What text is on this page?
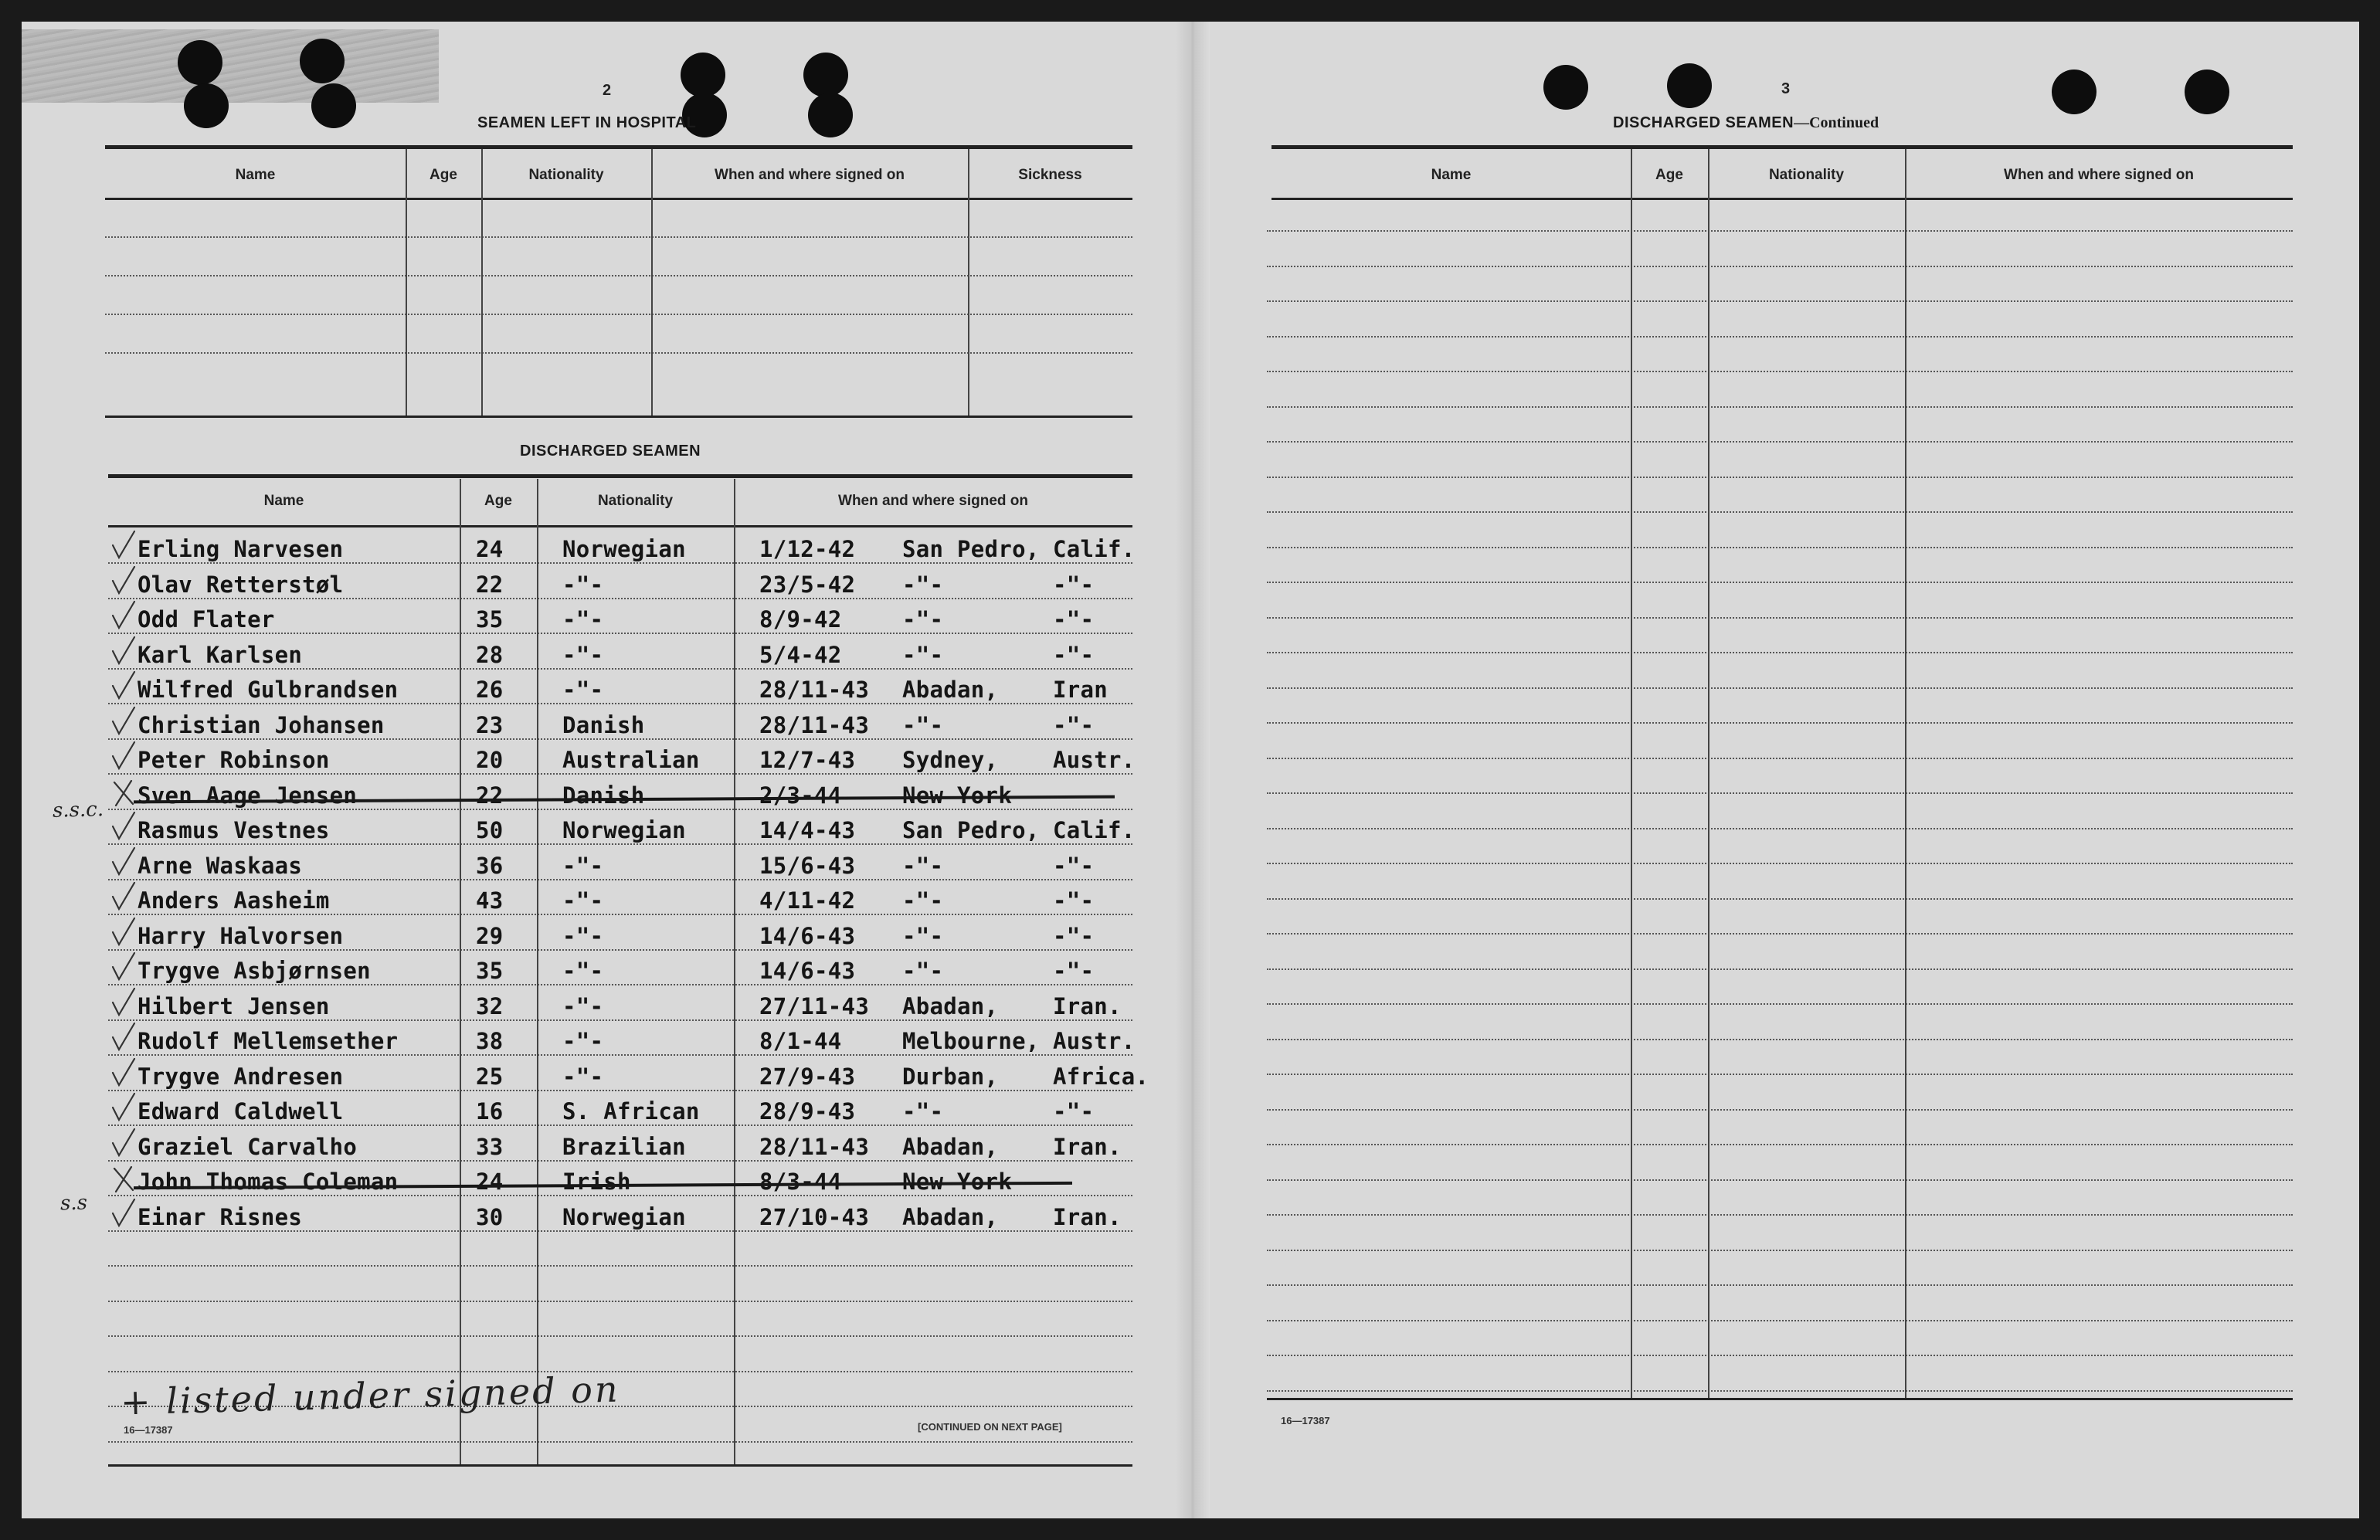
2
SEAMEN LEFT IN HOSPITAL
Name	Age	Nationality	When and where signed on	Sickness
DISCHARGED SEAMEN
Name	Age	Nationality	When and where signed on
Erling Narvesen	24	Norwegian	1/12-42 San Pedro, Calif.
Olav Retterstøl	22	-"-	23/5-42 -"-	-"-
Odd Flater	35	-"-	8/9-42	-"-	-"-
Karl Karlsen	28	-"-	5/4-42	-"-	-"-
Wilfred Gulbrandsen	26	-"-	28/11-43 Abadan, Iran
Christian Johansen	23	Danish	28/11-43 -"-	-"-
Peter Robinson	20	Australian	12/7-43 Sydney, Austr.
Sven Aage Jensen	22	Danish	2/3-44	New York
Rasmus Vestnes	50	Norwegian	14/4-43 San Pedro, Calif.
Arne Waskaas	36	-"-	15/6-43 -"-	-"-
Anders Aasheim	43	-"-	4/11-42 -"-	-"-
Harry Halvorsen	29	-"-	14/6-43 -"-	-"-
Trygve Asbjørnsen	35	-"-	14/6-43 -"-	-"-
Hilbert Jensen	32	-"-	27/11-43 Abadan, Iran.
Rudolf Mellemsether	38	-"-	8/1-44	Melbourne, Austr.
Trygve Andresen	25	-"-	27/9-43 Durban, Africa.
Edward Caldwell	16	S. African	28/9-43 -"-	-"-
Graziel Carvalho	33	Brazilian	28/11-43 Abadan, Iran.
John Thomas Coleman	24	Irish	8/3-44	New York
Einar Risnes	30	Norwegian	27/10-43 Abadan, Iran.
+ listed under signed on
s.s.c.
s.s
16—17387	[CONTINUED ON NEXT PAGE]
3
DISCHARGED SEAMEN—Continued
Name	Age	Nationality	When and where signed on
16—17387
